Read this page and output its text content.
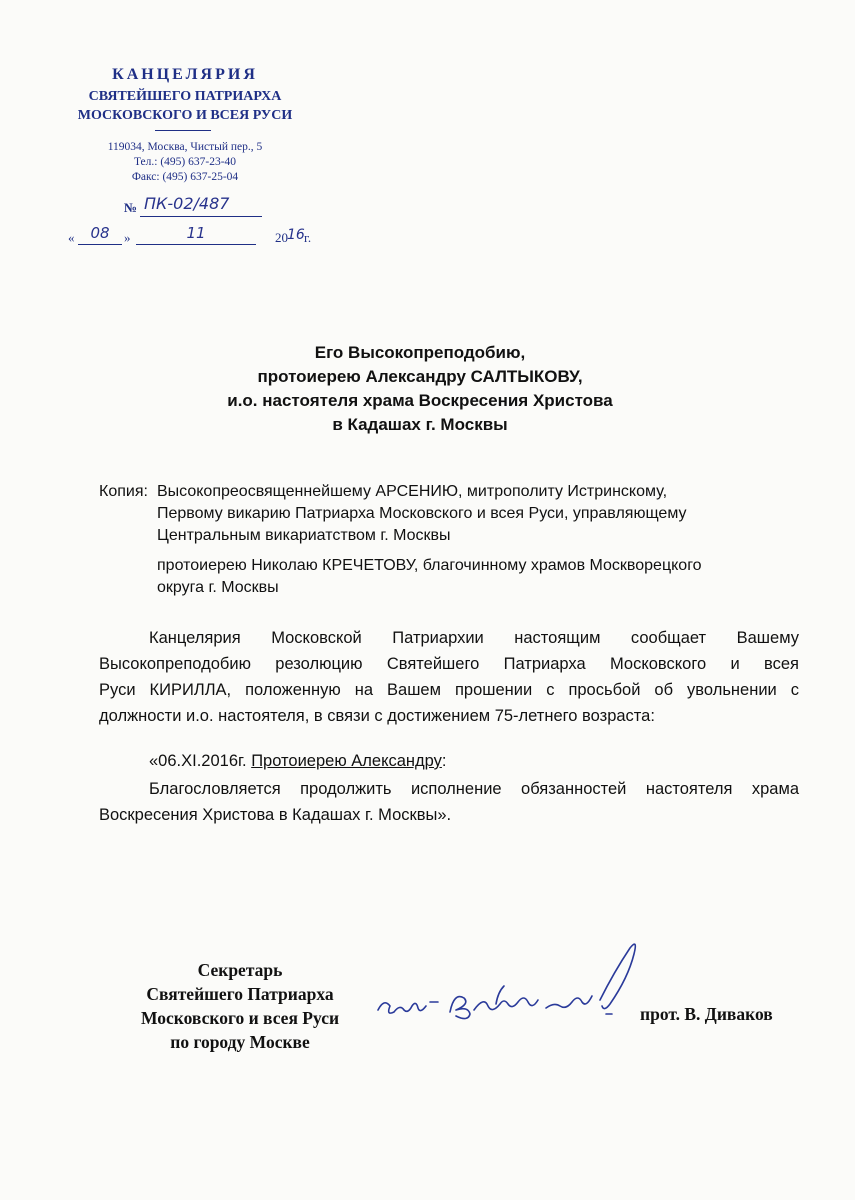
КАНЦЕЛЯРИЯ
СВЯТЕЙШЕГО ПАТРИАРХА
МОСКОВСКОГО И ВСЕЯ РУСИ
119034, Москва, Чистый пер., 5
Тел.: (495) 637-23-40
Факс: (495) 637-25-04
№ ПК-02/487
«	08	»	11	20 16 г.
Его Высокопреподобию,
протоиерею Александру САЛТЫКОВУ,
и.о. настоятеля храма Воскресения Христова
в Кадашах г. Москвы
Копия: Высокопреосвященнейшему АРСЕНИЮ, митрополиту Истринскому,
Первому викарию Патриарха Московского и всея Руси, управляющему
Центральным викариатством г. Москвы
протоиерею Николаю КРЕЧЕТОВУ, благочинному храмов Москворецкого
округа г. Москвы
Канцелярия Московской Патриархии настоящим сообщает Вашему
Высокопреподобию резолюцию Святейшего Патриарха Московского и всея
Руси КИРИЛЛА, положенную на Вашем прошении с просьбой об увольнении с
должности и.о. настоятеля, в связи с достижением 75-летнего возраста:
«06.XI.2016г. Протоиерею Александру:
Благословляется продолжить исполнение обязанностей настоятеля храма
Воскресения Христова в Кадашах г. Москвы».
Секретарь
Святейшего Патриарха
Московского и всея Руси
по городу Москве
прот. В. Диваков
